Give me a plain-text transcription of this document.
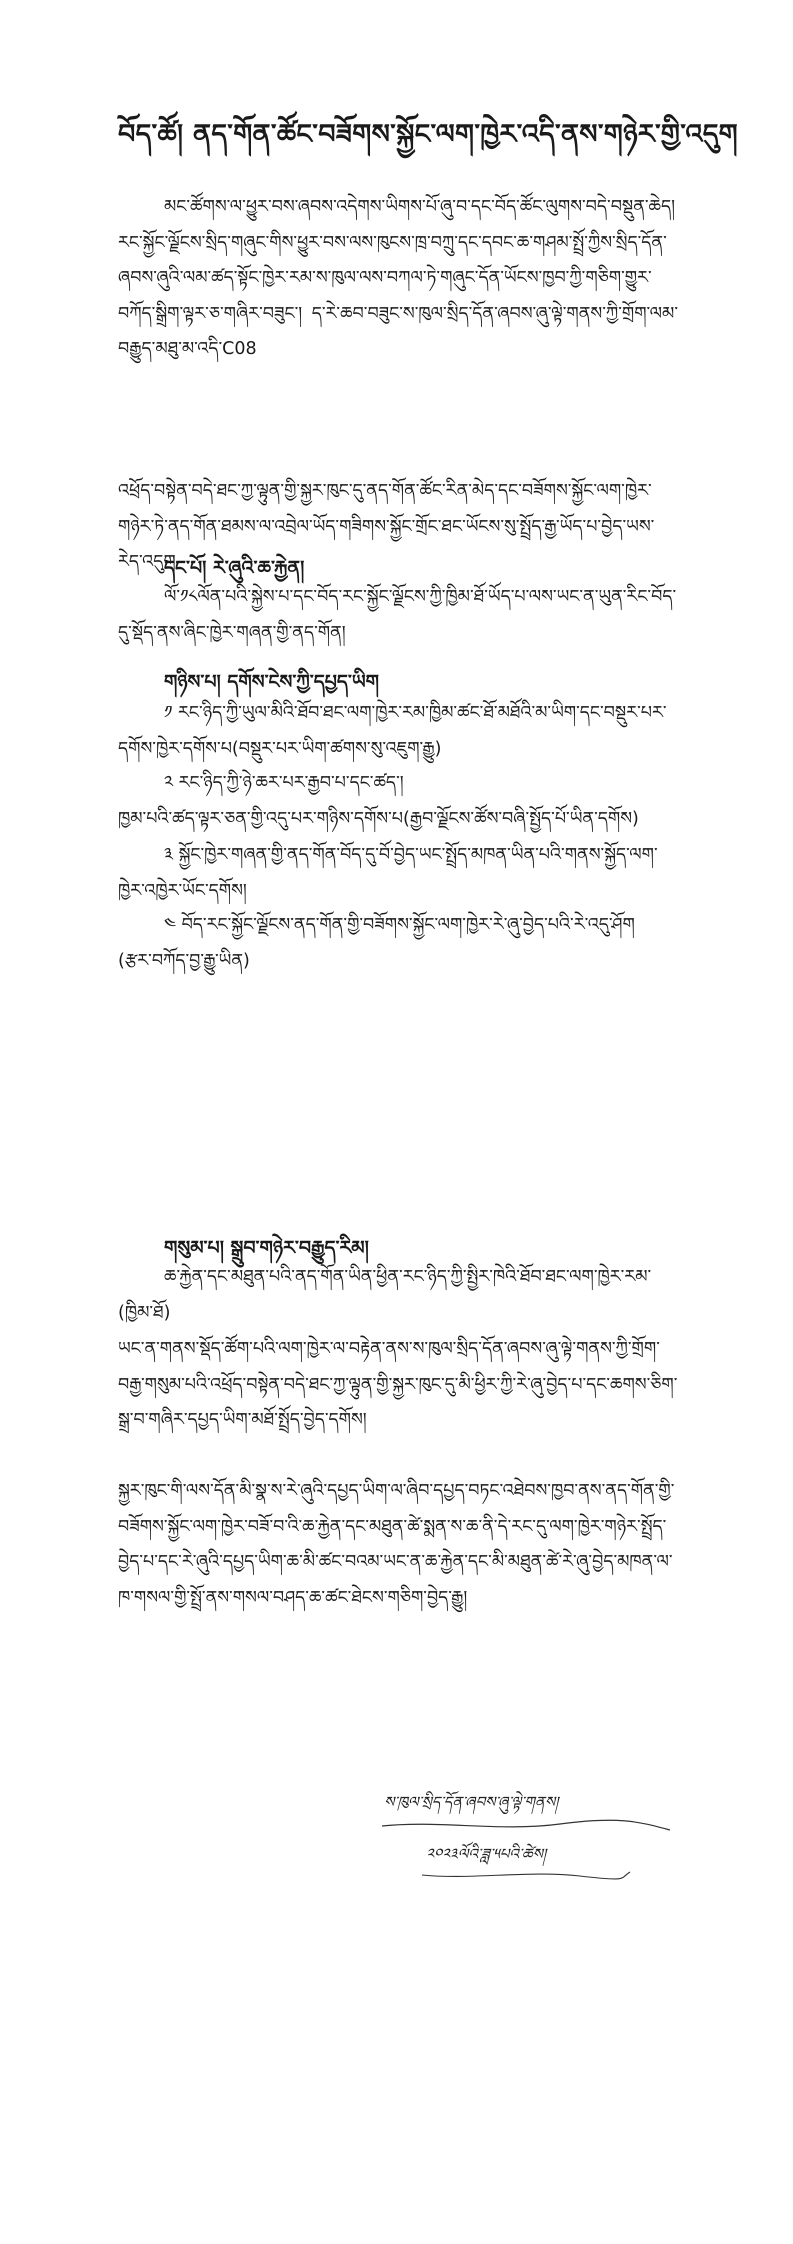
བོད་ཚོ། ནད་གོན་ཚོང་བཟོགས་སྐྱོང་ལག་ཁྱེར་འདི་ནས་གཉེར་གྱི་འདུག
མང་ཚོགས་ལ་ཕྱུར་བས་ཞབས་འདེགས་ཡིགས་པོ་ཞུ་བ་དང་བོད་ཚོང་ལུགས་བདེ་བསྡུན་ཆེད། རང་སྐྱོང་ལྗོངས་སྲིད་གཞུང་གིས་ཕྱུར་བས་ལས་ཁུངས་ཁྲ་བཀྲུ་དང་དབང་ཆ་གཤམ་སྤྲོ་ཀྱིས་སྲིད་དོན་ཞབས་ཞུའི་ལམ་ཚད་སྟོང་ཁྱེར་རམ་ས་ཁུལ་ལས་བཀལ་ཏེ་གཞུང་དོན་ཡོངས་ཁྱབ་ཀྱི་གཅིག་གྱུར་བཀོད་སྒྲིག་ལྟར་ཅ་གཞིར་བཟུང་། ད་རེ་ཆབ་བཟུང་ས་ཁུལ་སྲིད་དོན་ཞབས་ཞུ་ལྟེ་གནས་ཀྱི་གྲོག་ལམ་བརྒྱུད་མཐུ་མ་འདི་C08
འཕྲོད་བསྟེན་བདེ་ཐང་ཀྱ་ལྟུན་གྱི་སྐྱར་ཁུང་དུ་ནད་གོན་ཚོང་རིན་མེད་དང་བཟོགས་སྐྱོང་ལག་ཁྱེར་གཉེར་ཏེ་ནད་གོན་ཐམས་ལ་འབྲེལ་ཡོད་གཟིགས་སྐྱོང་གྲོང་ཐང་ཡོངས་སུ་སྤྲོད་རྒྱ་ཡོད་པ་བྱེད་ཡས་རེད་འདུག
དང་པོ། རེ་ཞུའི་ཆ་རྐྱེན།
ལོ་༡༨ལོན་པའི་སྐྱེས་པ་དང་བོད་རང་སྐྱོང་ལྗོངས་ཀྱི་ཁྱིམ་ཐོ་ཡོད་པ་ལས་ཡང་ན་ཡུན་རིང་བོད་དུ་སྡོད་ནས་ཞིང་ཁྱེར་གཞན་གྱི་ནད་གོན།
གཉིས་པ། དགོས་ངེས་ཀྱི་དཔྱད་ཡིག
༡ རང་ཉིད་ཀྱི་ཡུལ་མིའི་ཐོབ་ཐང་ལག་ཁྱེར་རམ་ཁྱིམ་ཚང་ཐོ་མཐོའི་མ་ཡིག་དང་བསྡུར་པར་དགོས་ཁྱེར་དགོས་པ(བསྡུར་པར་ཡིག་ཚགས་སུ་འཇུག་རྒྱུ)
༢ རང་ཉིད་ཀྱི་ཉེ་ཆར་པར་རྒྱབ་པ་དང་ཚད་།
ཁྱམ་པའི་ཚད་ལྟར་ཅན་གྱི་འདུ་པར་གཉིས་དགོས་པ(རྒྱབ་ལྗོངས་ཚོས་བཞི་སྤྱོད་པོ་ཡིན་དགོས)
༣ སྐྱོང་ཁྱེར་གཞན་གྱི་ནད་གོན་བོད་དུ་བོ་བྱེད་ཡང་སྤྲོད་མཁན་ཡིན་པའི་གནས་སྐྱོད་ལག་ཁྱེར་འཁྱེར་ཡོང་དགོས།
༤ བོད་རང་སྐྱོང་ལྗོངས་ནད་གོན་གྱི་བཟོགས་སྐྱོང་ལག་ཁྱེར་རེ་ཞུ་བྱེད་པའི་རེ་འདུ་ཤོག
(རྩར་བཀོད་བྱ་རྒྱུ་ཡིན)
གསུམ་པ། སྒྲུབ་གཉེར་བརྒྱུད་རིམ།
ཆ་རྐྱེན་དང་མཐུན་པའི་ནད་གོན་ཡིན་ཕྱིན་རང་ཉིད་ཀྱི་སྤྱིར་ཁེའི་ཐོབ་ཐང་ལག་ཁྱེར་རམ་(ཁྱིམ་ཐོ)
ཡང་ན་གནས་སྡོད་ཚོག་པའི་ལག་ཁྱེར་ལ་བརྟེན་ནས་ས་ཁུལ་སྲིད་དོན་ཞབས་ཞུ་ལྟེ་གནས་ཀྱི་གྲོག་བརྒྱ་གསུམ་པའི་འཕྲོད་བསྟེན་བདེ་ཐང་ཀྱ་ལྟུན་གྱི་སྐྱར་ཁུང་དུ་མི་ཕྱིར་ཀྱི་རེ་ཞུ་བྱེད་པ་དང་ཆགས་ཅིག་སྒྲ་བ་གཞིར་དཔྱད་ཡིག་མཐོ་སྤྲོད་བྱེད་དགོས།
སྐྱར་ཁུང་གི་ལས་དོན་མི་སྣ་ས་རེ་ཞུའི་དཔྱད་ཡིག་ལ་ཞིབ་དཔྱད་བཏང་འཐེབས་ཁྱབ་ནས་ནད་གོན་གྱི་བཟོགས་སྐྱོང་ལག་ཁྱེར་བཟོ་བ་འི་ཆ་རྐྱེན་དང་མཐུན་ཚེ་སྨན་ས་ཆ་ནི་དེ་རང་དུ་ལག་ཁྱེར་གཉེར་སྤྲོད་བྱེད་པ་དང་རེ་ཞུའི་དཔྱད་ཡིག་ཆ་མི་ཚང་བའམ་ཡང་ན་ཆ་རྐྱེན་དང་མི་མཐུན་ཚེ་རེ་ཞུ་བྱེད་མཁན་ལ་ཁ་གསལ་གྱི་སྤྲོ་ནས་གསལ་བཤད་ཆ་ཚང་ཐེངས་གཅིག་བྱེད་རྒྱུ།
ས་ཁུལ་སྲིད་དོན་ཞབས་ཞུ་ལྟེ་གནས།
༢༠༢༣ལོའི་ཟླ་༥པའི་ཚེས།
